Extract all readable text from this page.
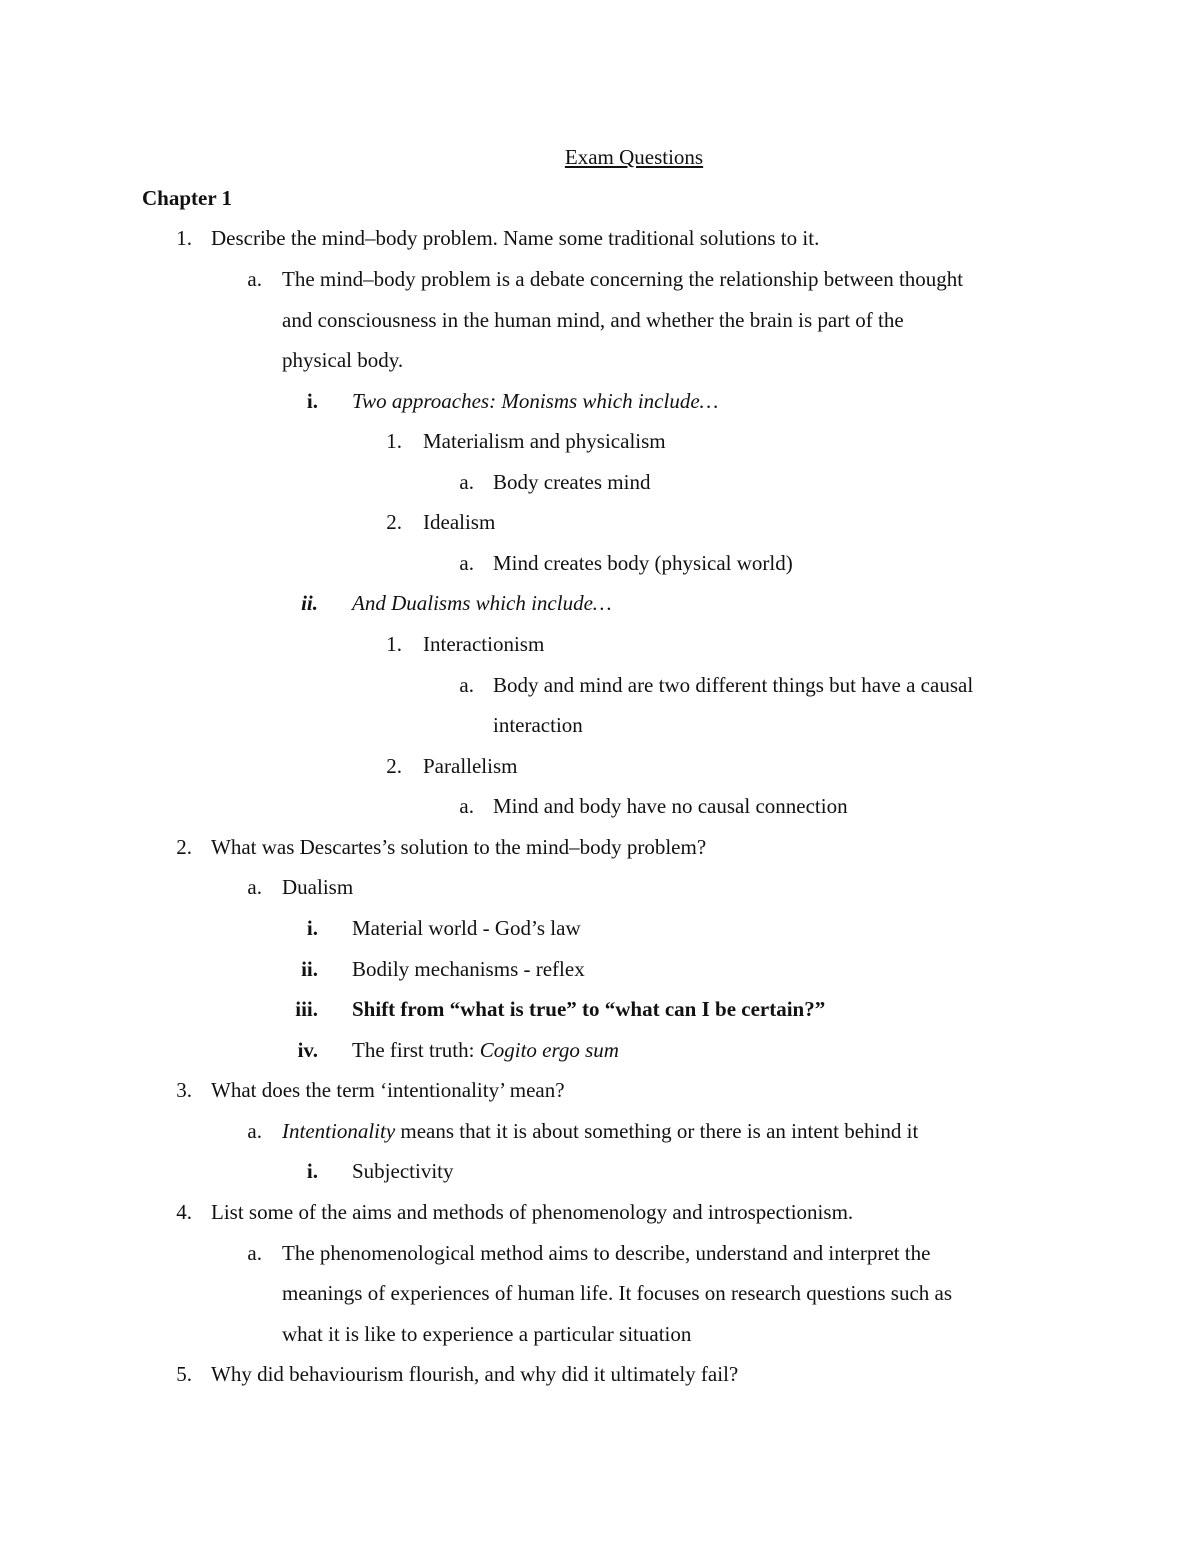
Exam Questions
Chapter 1
1. Describe the mind–body problem. Name some traditional solutions to it.
a. The mind–body problem is a debate concerning the relationship between thought
and consciousness in the human mind, and whether the brain is part of the
physical body.
i. Two approaches: Monisms which include…
1. Materialism and physicalism
a. Body creates mind
2. Idealism
a. Mind creates body (physical world)
ii. And Dualisms which include…
1. Interactionism
a. Body and mind are two different things but have a causal
interaction
2. Parallelism
a. Mind and body have no causal connection
2. What was Descartes’s solution to the mind–body problem?
a. Dualism
i. Material world - God’s law
ii. Bodily mechanisms - reflex
iii. Shift from “what is true” to “what can I be certain?”
iv. The first truth: Cogito ergo sum
3. What does the term ‘intentionality’ mean?
a. Intentionality means that it is about something or there is an intent behind it
i. Subjectivity
4. List some of the aims and methods of phenomenology and introspectionism.
a. The phenomenological method aims to describe, understand and interpret the
meanings of experiences of human life. It focuses on research questions such as
what it is like to experience a particular situation
5. Why did behaviourism flourish, and why did it ultimately fail?
